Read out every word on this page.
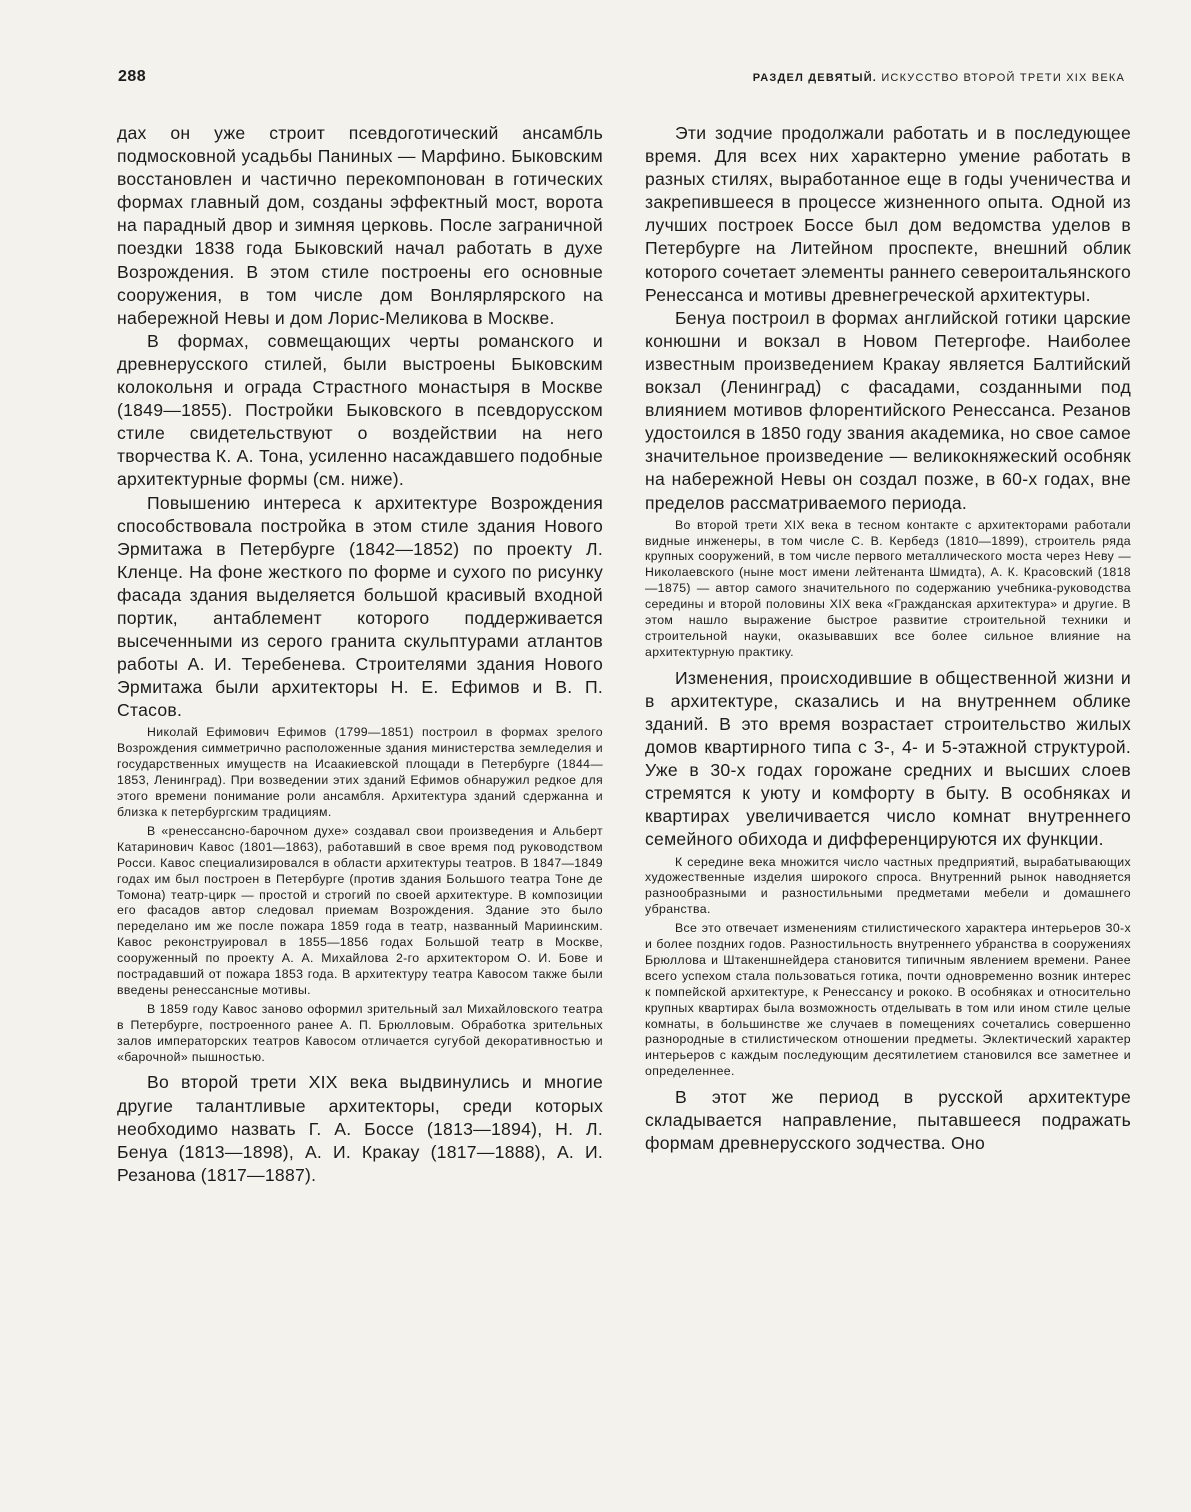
288	РАЗДЕЛ ДЕВЯТЫЙ. ИСКУССТВО ВТОРОЙ ТРЕТИ XIX ВЕКА

дах он уже строит псевдоготический ансамбль подмосковной усадьбы Паниных — Марфино. Быковским восстановлен и частично перекомпонован в готических формах главный дом, созданы эффектный мост, ворота на парадный двор и зимняя церковь. После заграничной поездки 1838 года Быковский начал работать в духе Возрождения. В этом стиле построены его основные сооружения, в том числе дом Вонлярлярского на набережной Невы и дом Лорис-Меликова в Москве.

В формах, совмещающих черты романского и древнерусского стилей, были выстроены Быковским колокольня и ограда Страстного монастыря в Москве (1849—1855). Постройки Быковского в псевдорусском стиле свидетельствуют о воздействии на него творчества К. А. Тона, усиленно насаждавшего подобные архитектурные формы (см. ниже).

Повышению интереса к архитектуре Возрождения способствовала постройка в этом стиле здания Нового Эрмитажа в Петербурге (1842—1852) по проекту Л. Кленце. На фоне жесткого по форме и сухого по рисунку фасада здания выделяется большой красивый входной портик, антаблемент которого поддерживается высеченными из серого гранита скульптурами атлантов работы А. И. Теребенева. Строителями здания Нового Эрмитажа были архитекторы Н. Е. Ефимов и В. П. Стасов.

Николай Ефимович Ефимов (1799—1851) построил в формах зрелого Возрождения симметрично расположенные здания министерства земледелия и государственных имуществ на Исаакиевской площади в Петербурге (1844—1853, Ленинград). При возведении этих зданий Ефимов обнаружил редкое для этого времени понимание роли ансамбля. Архитектура зданий сдержанна и близка к петербургским традициям.

В «ренессансно-барочном духе» создавал свои произведения и Альберт Катаринович Кавос (1801—1863), работавший в свое время под руководством Росси. Кавос специализировался в области архитектуры театров. В 1847—1849 годах им был построен в Петербурге (против здания Большого театра Тоне де Томона) театр-цирк — простой и строгий по своей архитектуре. В композиции его фасадов автор следовал приемам Возрождения. Здание это было переделано им же после пожара 1859 года в театр, названный Мариинским. Кавос реконструировал в 1855—1856 годах Большой театр в Москве, сооруженный по проекту А. А. Михайлова 2-го архитектором О. И. Бове и пострадавший от пожара 1853 года. В архитектуру театра Кавосом также были введены ренессансные мотивы.

В 1859 году Кавос заново оформил зрительный зал Михайловского театра в Петербурге, построенного ранее А. П. Брюлловым. Обработка зрительных залов императорских театров Кавосом отличается сугубой декоративностью и «барочной» пышностью.

Во второй трети XIX века выдвинулись и многие другие талантливые архитекторы, среди которых необходимо назвать Г. А. Боссе (1813—1894), Н. Л. Бенуа (1813—1898), А. И. Кракау (1817—1888), А. И. Резанова (1817—1887).

Эти зодчие продолжали работать и в последующее время. Для всех них характерно умение работать в разных стилях, выработанное еще в годы ученичества и закрепившееся в процессе жизненного опыта. Одной из лучших построек Боссе был дом ведомства уделов в Петербурге на Литейном проспекте, внешний облик которого сочетает элементы раннего североитальянского Ренессанса и мотивы древнегреческой архитектуры.

Бенуа построил в формах английской готики царские конюшни и вокзал в Новом Петергофе. Наиболее известным произведением Кракау является Балтийский вокзал (Ленинград) с фасадами, созданными под влиянием мотивов флорентийского Ренессанса. Резанов удостоился в 1850 году звания академика, но свое самое значительное произведение — великокняжеский особняк на набережной Невы он создал позже, в 60-х годах, вне пределов рассматриваемого периода.

Во второй трети XIX века в тесном контакте с архитекторами работали видные инженеры, в том числе С. В. Кербедз (1810—1899), строитель ряда крупных сооружений, в том числе первого металлического моста через Неву — Николаевского (ныне мост имени лейтенанта Шмидта), А. К. Красовский (1818—1875) — автор самого значительного по содержанию учебника-руководства середины и второй половины XIX века «Гражданская архитектура» и другие. В этом нашло выражение быстрое развитие строительной техники и строительной науки, оказывавших все более сильное влияние на архитектурную практику.

Изменения, происходившие в общественной жизни и в архитектуре, сказались и на внутреннем облике зданий. В это время возрастает строительство жилых домов квартирного типа с 3-, 4- и 5-этажной структурой. Уже в 30-х годах горожане средних и высших слоев стремятся к уюту и комфорту в быту. В особняках и квартирах увеличивается число комнат внутреннего семейного обихода и дифференцируются их функции.

К середине века множится число частных предприятий, вырабатывающих художественные изделия широкого спроса. Внутренний рынок наводняется разнообразными и разностильными предметами мебели и домашнего убранства.

Все это отвечает изменениям стилистического характера интерьеров 30-х и более поздних годов. Разностильность внутреннего убранства в сооружениях Брюллова и Штакеншнейдера становится типичным явлением времени. Ранее всего успехом стала пользоваться готика, почти одновременно возник интерес к помпейской архитектуре, к Ренессансу и рококо. В особняках и относительно крупных квартирах была возможность отделывать в том или ином стиле целые комнаты, в большинстве же случаев в помещениях сочетались совершенно разнородные в стилистическом отношении предметы. Эклектический характер интерьеров с каждым последующим десятилетием становился все заметнее и определеннее.

В этот же период в русской архитектуре складывается направление, пытавшееся подражать формам древнерусского зодчества. Оно
